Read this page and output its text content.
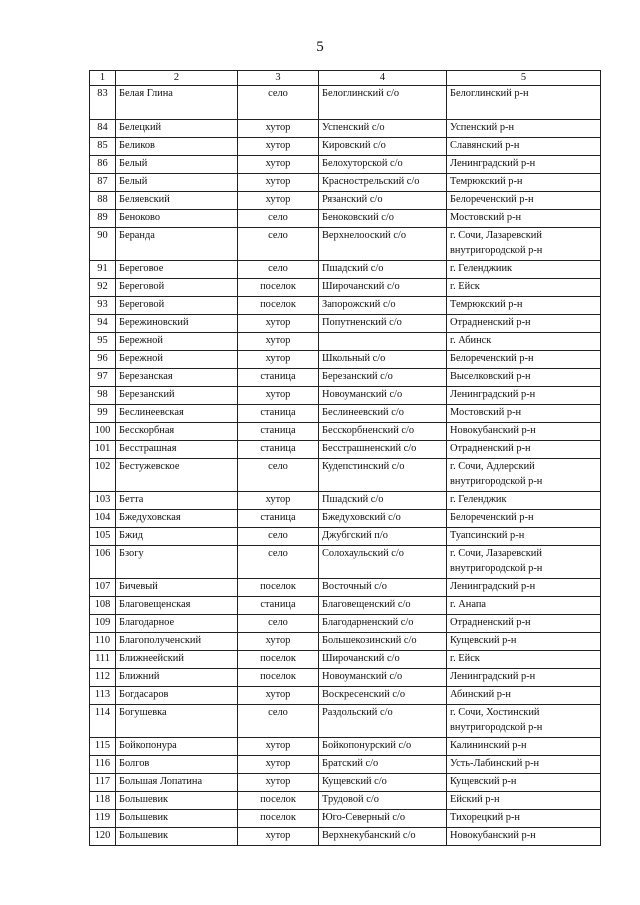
5
1	2	3	4	5
83	Белая Глина	село	Белоглинский с/о	Белоглинский р-н

84	Белецкий	хутор	Успенский с/о	Успенский р-н

85	Беликов	хутор	Кировский с/о	Славянский р-н

86	Белый	хутор	Белохуторской с/о	Ленинградский р-н

87	Белый	хутор	Краснострельский с/о	Темрюкский р-н

88	Беляевский	хутор	Рязанский с/о	Белореченский р-н

89	Беноково	село	Беноковский с/о	Мостовский р-н

90	Беранда	село	Верхнелооский с/о	г. Сочи, Лазаревский
внутригородской р-н

91	Береговое	село	Пшадский с/о	г. Геленджиик

92	Береговой	поселок	Широчанский с/о	г. Ейск

93	Береговой	поселок	Запорожский с/о	Темрюкский р-н

94	Бережиновский	хутор	Попутненский с/о	Отрадненский р-н

95	Бережной	хутор		г. Абинск

96	Бережной	хутор	Школьный с/о	Белореченский р-н

97	Березанская	станица	Березанский с/о	Выселковский р-н

98	Березанский	хутор	Новоуманский с/о	Ленинградский р-н

99	Беслинеевская	станица	Беслинеевский с/о	Мостовский р-н

100	Бесскорбная	станица	Бесскорбненский с/о	Новокубанский р-н

101	Бесстрашная	станица	Бесстрашненский с/о	Отрадненский р-н

102	Бестужевское	село	Кудепстинский с/о	г. Сочи, Адлерский
внутригородской р-н

103	Бетта	хутор	Пшадский с/о	г. Геленджик

104	Бжедуховская	станица	Бжедуховский с/о	Белореченский р-н

105	Бжид	село	Джубгский п/о	Туапсинский р-н

106	Бзогу	село	Солохаульский с/о	г. Сочи, Лазаревский
внутригородской р-н

107	Бичевый	поселок	Восточный с/о	Ленинградский р-н

108	Благовещенская	станица	Благовещенский с/о	г. Анапа

109	Благодарное	село	Благодарненский с/о	Отрадненский р-н

110	Благополученский	хутор	Большекозинский с/о	Кущевский р-н

111	Ближнеейский	поселок	Широчанский с/о	г. Ейск

112	Ближний	поселок	Новоуманский с/о	Ленинградский р-н

113	Богдасаров	хутор	Воскресенский с/о	Абинский р-н

114	Богушевка	село	Раздольский с/о	г. Сочи, Хостинский
внутригородской р-н

115	Бойкопонура	хутор	Бойкопонурский с/о	Калининский р-н

116	Болгов	хутор	Братский с/о	Усть-Лабинский р-н

117	Большая Лопатина	хутор	Кущевский с/о	Кущевский р-н

118	Большевик	поселок	Трудовой с/о	Ейский р-н

119	Большевик	поселок	Юго-Северный с/о	Тихорецкий р-н

120	Большевик	хутор	Верхнекубанский с/о	Новокубанский р-н
